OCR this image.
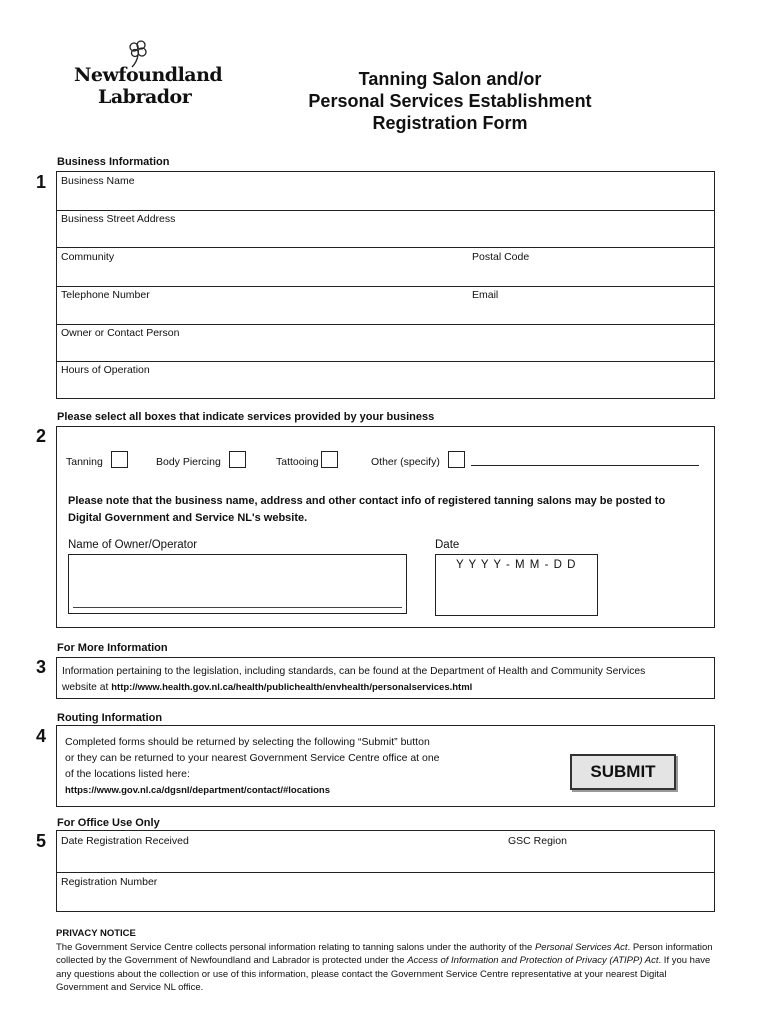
Newfoundland
Labrador
Tanning Salon and/or
Personal Services Establishment
Registration Form
Business Information
1 Business Name
Business Street Address
Community	Postal Code
Telephone Number	Email
Owner or Contact Person
Hours of Operation
Please select all boxes that indicate services provided by your business
2
Tanning	Body Piercing	Tattooing	Other (specify)
Please note that the business name, address and other contact info of registered tanning salons may be posted to
Digital Government and Service NL's website.
Name of Owner/Operator	Date
Y Y Y Y - M M - D D
For More Information
3 Information pertaining to the legislation, including standards, can be found at the Department of Health and Community Services
website at http://www.health.gov.nl.ca/health/publichealth/envhealth/personalservices.html
Routing Information
4 Completed forms should be returned by selecting the following “Submit” button
or they can be returned to your nearest Government Service Centre office at one
of the locations listed here:
https://www.gov.nl.ca/dgsnl/department/contact/#locations
SUBMIT
For Office Use Only
5 Date Registration Received	GSC Region
Registration Number
PRIVACY NOTICE
The Government Service Centre collects personal information relating to tanning salons under the authority of the Personal Services Act. Person information collected by the Government of Newfoundland and Labrador is protected under the Access of Information and Protection of Privacy (ATIPP) Act. If you have any questions about the collection or use of this information, please contact the Government Service Centre representative at your nearest Digital Government and Service NL office.
